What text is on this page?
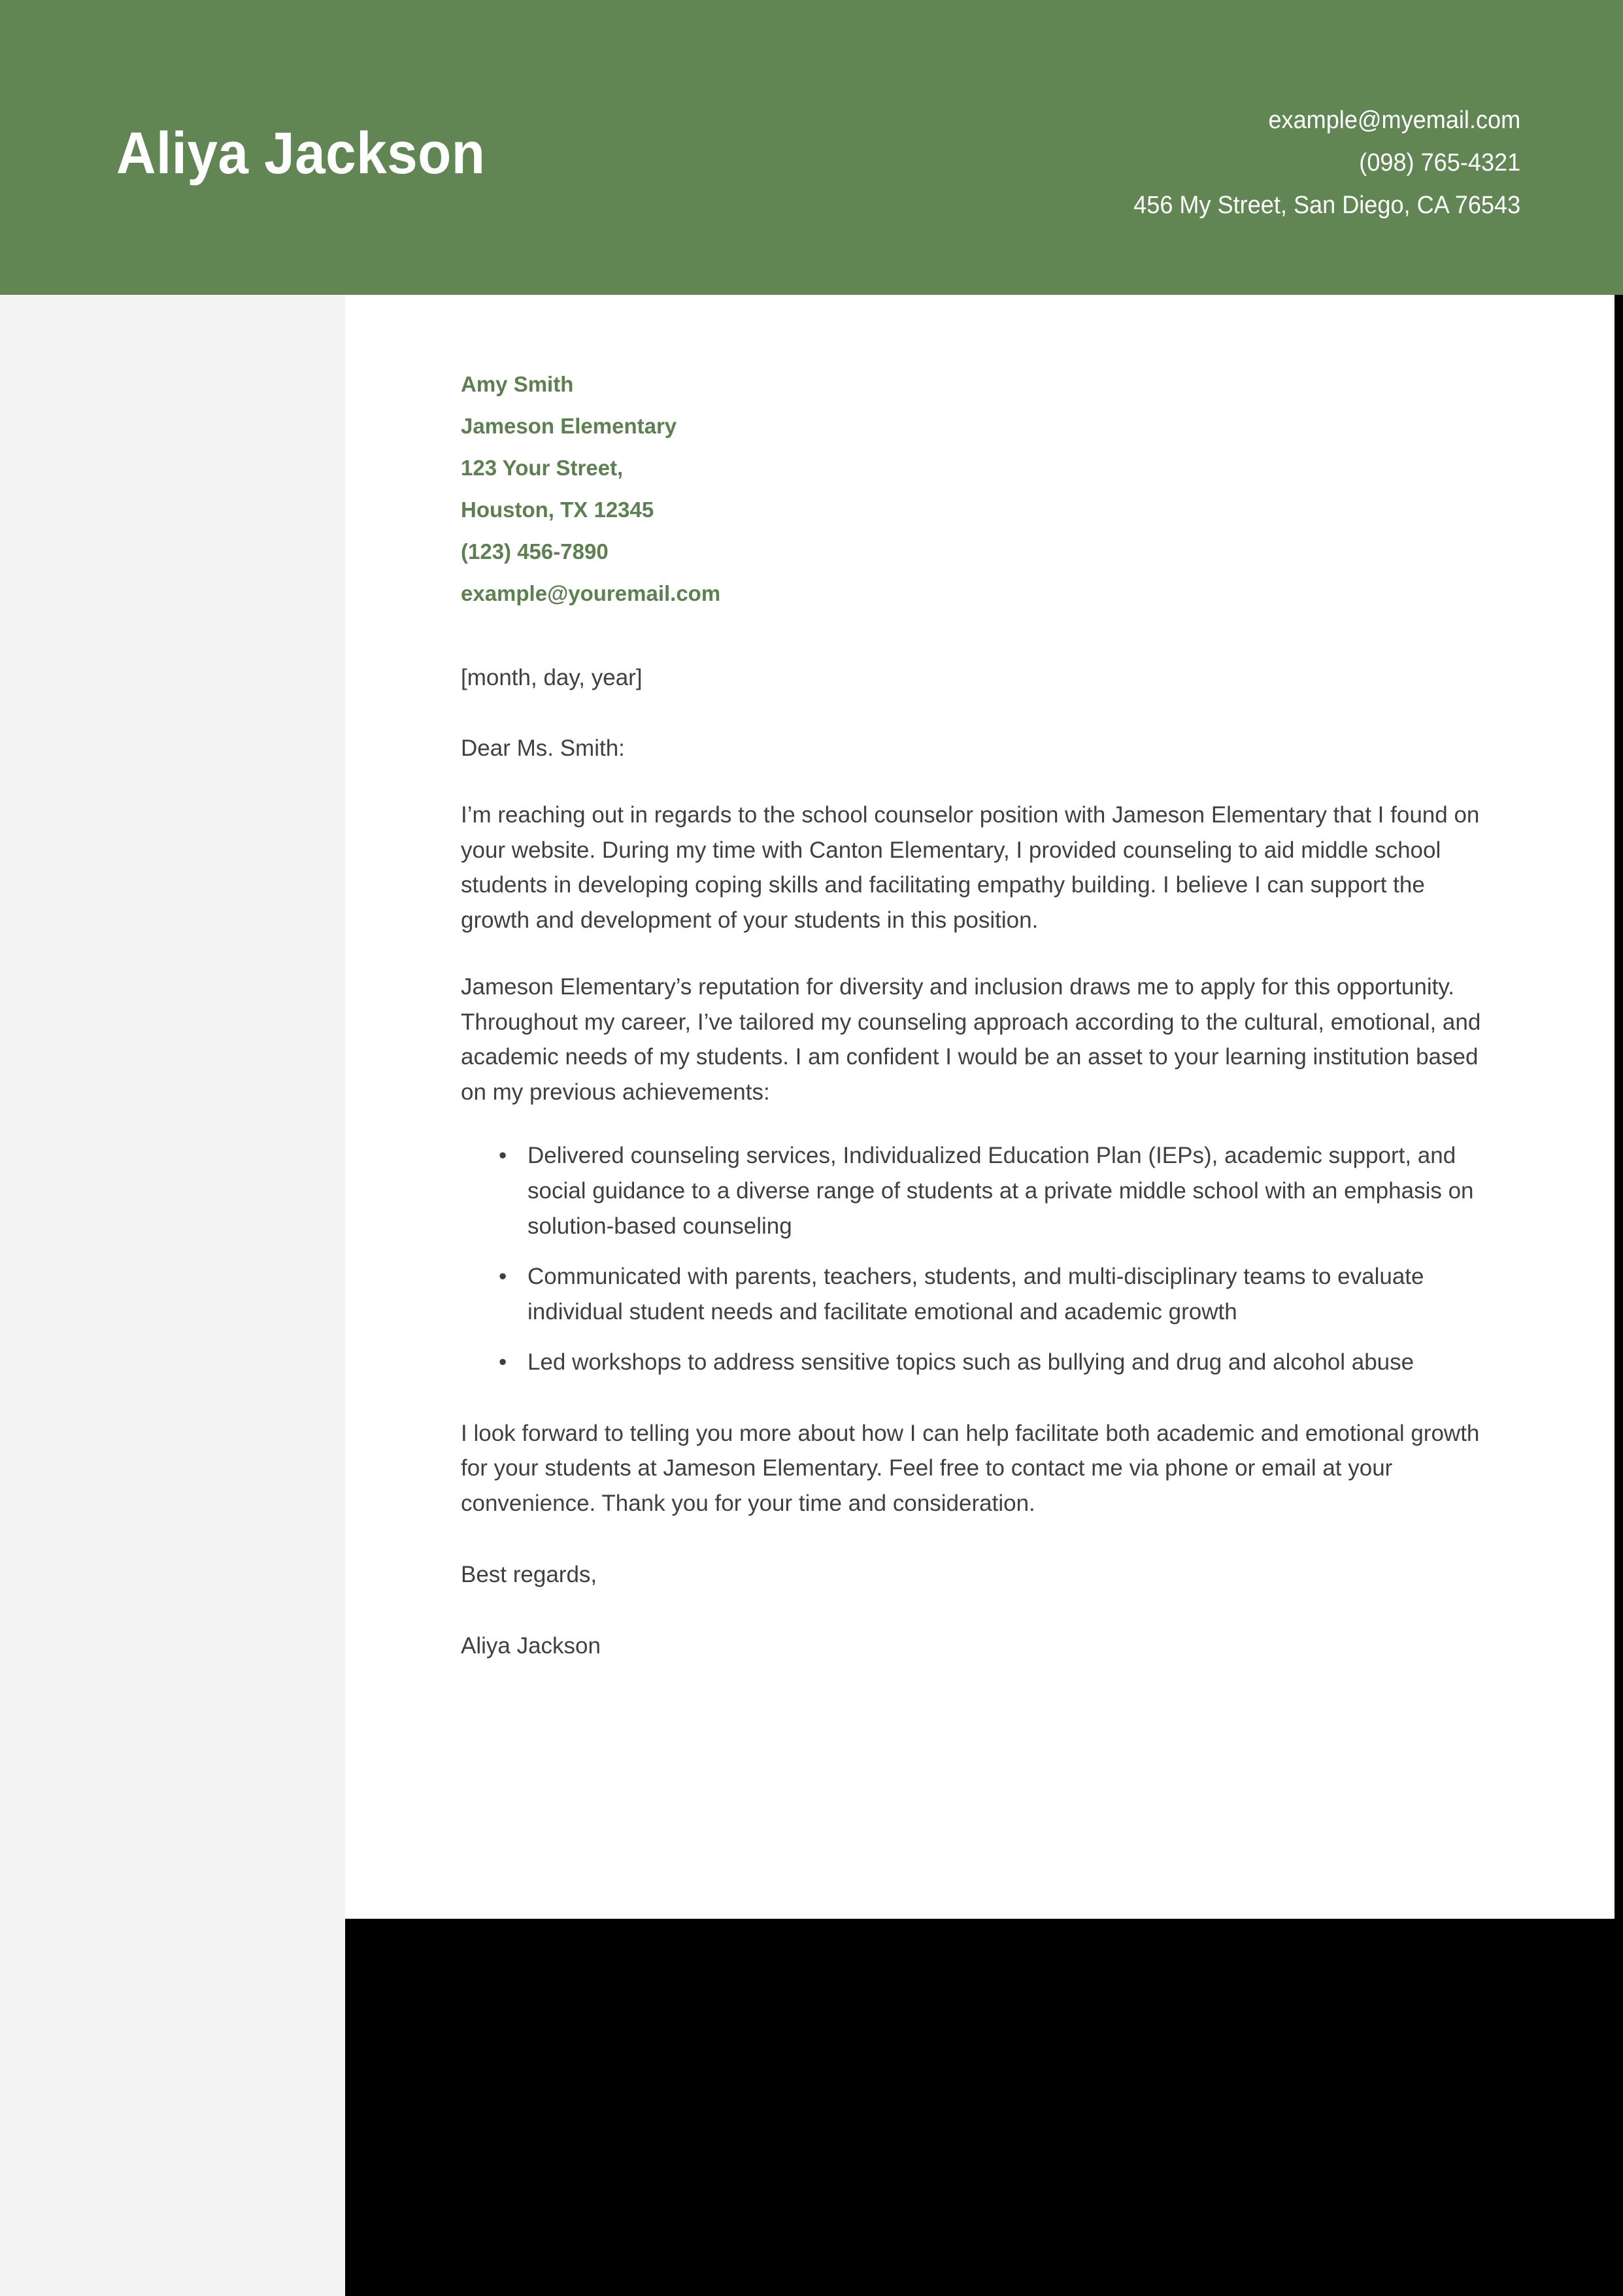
Aliya Jackson
example@myemail.com
(098) 765-4321
456 My Street, San Diego, CA 76543
Amy Smith
Jameson Elementary
123 Your Street,
Houston, TX 12345
(123) 456-7890
example@youremail.com
[month, day, year]
Dear Ms. Smith:

I’m reaching out in regards to the school counselor position with Jameson Elementary that I found on your website. During my time with Canton Elementary, I provided counseling to aid middle school students in developing coping skills and facilitating empathy building. I believe I can support the growth and development of your students in this position.

Jameson Elementary’s reputation for diversity and inclusion draws me to apply for this opportunity. Throughout my career, I’ve tailored my counseling approach according to the cultural, emotional, and academic needs of my students. I am confident I would be an asset to your learning institution based on my previous achievements:

• Delivered counseling services, Individualized Education Plan (IEPs), academic support, and social guidance to a diverse range of students at a private middle school with an emphasis on solution-based counseling
• Communicated with parents, teachers, students, and multi-disciplinary teams to evaluate individual student needs and facilitate emotional and academic growth
• Led workshops to address sensitive topics such as bullying and drug and alcohol abuse

I look forward to telling you more about how I can help facilitate both academic and emotional growth for your students at Jameson Elementary. Feel free to contact me via phone or email at your convenience. Thank you for your time and consideration.

Best regards,
Aliya Jackson
